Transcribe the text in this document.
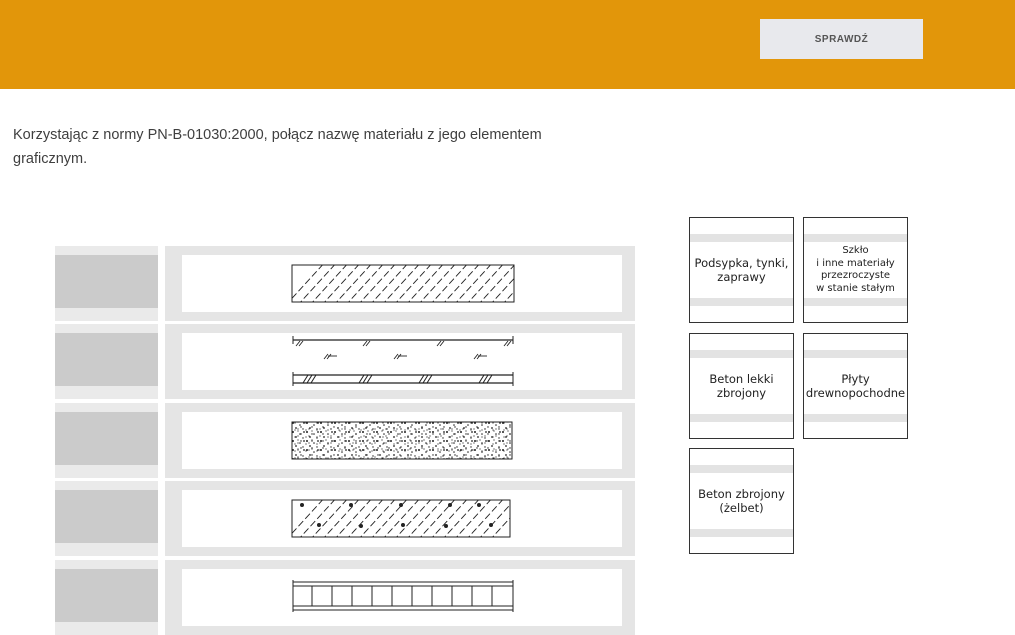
SPRAWDŹ

Korzystając z normy PN-B-01030:2000, połącz nazwę materiału z jego elementem graficznym.

Podsypka, tynki,
zaprawy
Szkło
i inne materiały
przezroczyste
w stanie stałym
Beton lekki
zbrojony
Płyty
drewnopochodne
Beton zbrojony
(żelbet)
